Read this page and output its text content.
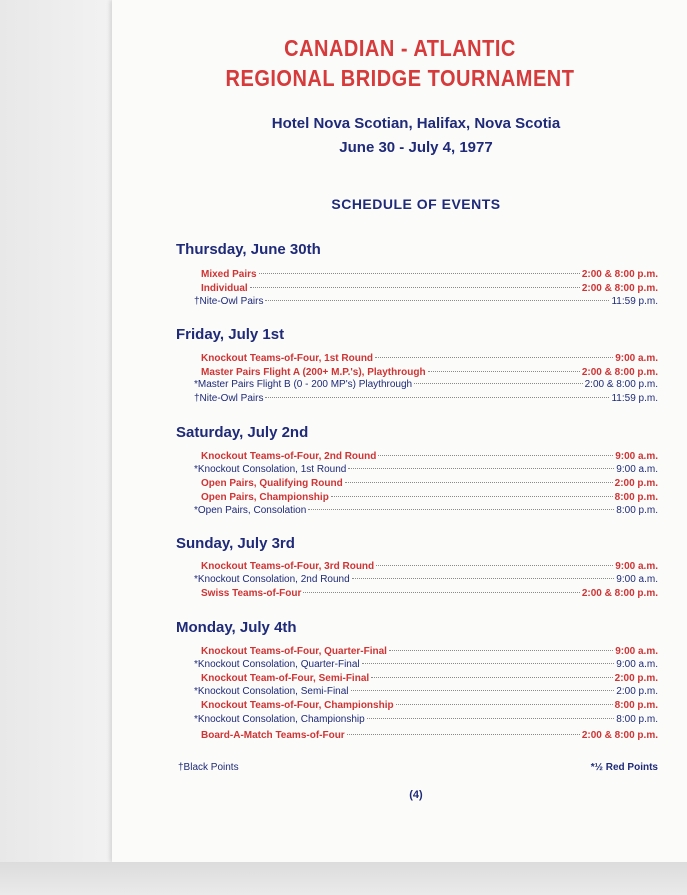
CANADIAN - ATLANTIC
REGIONAL BRIDGE TOURNAMENT
Hotel Nova Scotian, Halifax, Nova Scotia
June 30 - July 4, 1977
SCHEDULE OF EVENTS
Thursday, June 30th
Mixed Pairs	2:00 & 8:00 p.m.
Individual	2:00 & 8:00 p.m.
†Nite-Owl Pairs	11:59 p.m.
Friday, July 1st
Knockout Teams-of-Four, 1st Round	9:00 a.m.
Master Pairs Flight A (200+ M.P.'s), Playthrough	2:00 & 8:00 p.m.
*Master Pairs Flight B (0 - 200 MP's) Playthrough	2:00 & 8:00 p.m.
†Nite-Owl Pairs	11:59 p.m.
Saturday, July 2nd
Knockout Teams-of-Four, 2nd Round	9:00 a.m.
*Knockout Consolation, 1st Round	9:00 a.m.
Open Pairs, Qualifying Round	2:00 p.m.
Open Pairs, Championship	8:00 p.m.
*Open Pairs, Consolation	8:00 p.m.
Sunday, July 3rd
Knockout Teams-of-Four, 3rd Round	9:00 a.m.
*Knockout Consolation, 2nd Round	9:00 a.m.
Swiss Teams-of-Four	2:00 & 8:00 p.m.
Monday, July 4th
Knockout Teams-of-Four, Quarter-Final	9:00 a.m.
*Knockout Consolation, Quarter-Final	9:00 a.m.
Knockout Team-of-Four, Semi-Final	2:00 p.m.
*Knockout Consolation, Semi-Final	2:00 p.m.
Knockout Teams-of-Four, Championship	8:00 p.m.
*Knockout Consolation, Championship	8:00 p.m.
Board-A-Match Teams-of-Four	2:00 & 8:00 p.m.
†Black Points	*½ Red Points
(4)
